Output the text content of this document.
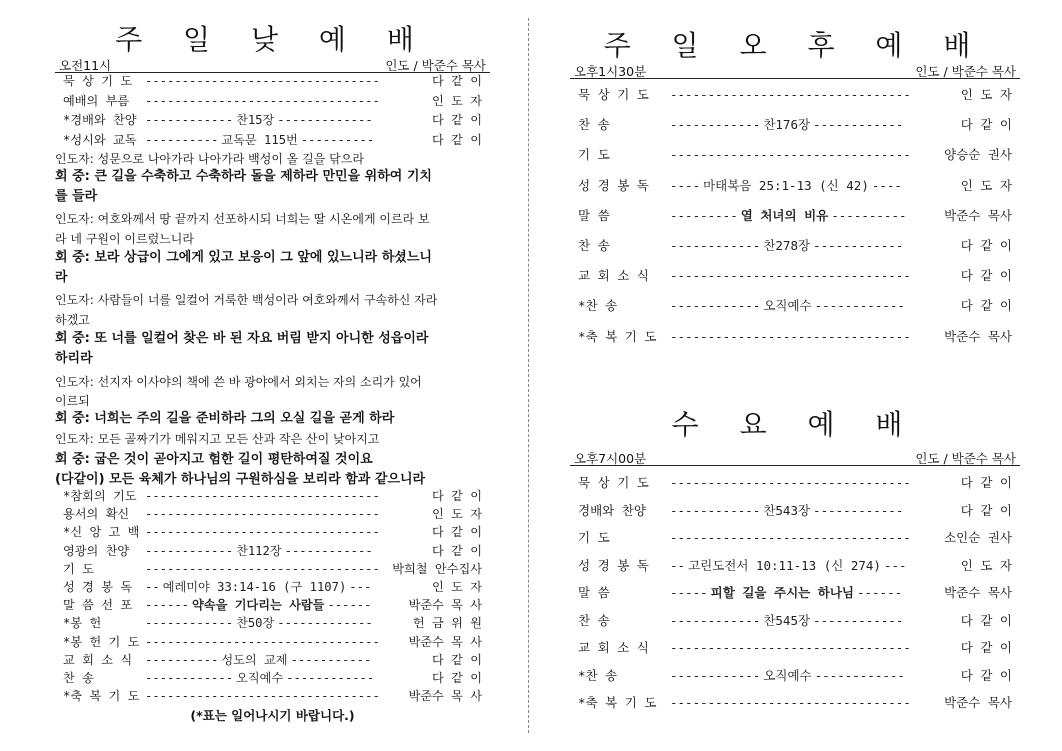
주 일 낮 예 배
오전11시	인도 / 박준수 목사
묵 상 기 도 --------------------------------	다 같 이
예배의 부름 --------------------------------	인 도 자
*경배와 찬양 ------------ 찬15장 -------------	다 같 이
*성시와 교독 ---------- 교독문 115번 ----------	다 같 이
인도자: 성문으로 나아가라 나아가라 백성이 올 길을 닦으라
회 중: 큰 길을 수축하고 수축하라 돌을 제하라 만민을 위하여 기치
를 들라
인도자: 여호와께서 땅 끝까지 선포하시되 너희는 딸 시온에게 이르라 보
라 네 구원이 이르렀느니라
회 중: 보라 상급이 그에게 있고 보응이 그 앞에 있느니라 하셨느니
라
인도자: 사람들이 너를 일컬어 거룩한 백성이라 여호와께서 구속하신 자라
하겠고
회 중: 또 너를 일컬어 찾은 바 된 자요 버림 받지 아니한 성읍이라
하리라
인도자: 선지자 이사야의 책에 쓴 바 광야에서 외치는 자의 소리가 있어
이르되
회 중: 너희는 주의 길을 준비하라 그의 오실 길을 곧게 하라
인도자: 모든 골짜기가 메워지고 모든 산과 작은 산이 낮아지고
회 중: 굽은 것이 곧아지고 험한 길이 평탄하여질 것이요
(다같이) 모든 육체가 하나님의 구원하심을 보리라 함과 같으니라
*참회의 기도 --------------------------------	다 같 이
용서의 확신 --------------------------------	인 도 자
*신 앙 고 백 --------------------------------	다 같 이
영광의 찬양 ------------ 찬112장 ------------	다 같 이
기 도	--------------------------------	박희철 안수집사
성 경 봉 독 -- 예레미야 33:14-16 (구 1107) ---	인 도 자
말 씀 선 포 ------ 약속을 기다리는 사람들 ------	박준수 목 사
*봉 헌	------------ 찬50장 -------------	헌 금 위 원
*봉 헌 기 도 --------------------------------	박준수 목 사
교 회 소 식 ---------- 성도의 교제 -----------	다 같 이
찬 송	------------ 오직예수 ------------	다 같 이
*축 복 기 도 --------------------------------	박준수 목 사
(*표는 일어나시기 바랍니다.)
주 일 오 후 예 배
오후1시30분	인도 / 박준수 목사
묵 상 기 도 --------------------------------	인 도 자
찬 송	------------ 찬176장 ------------	다 같 이
기 도	--------------------------------	양승순 권사
성 경 봉 독 ---- 마태복음 25:1-13 (신 42) ----	인 도 자
말 씀	--------- 열 처녀의 비유 ----------	박준수 목사
찬 송	------------ 찬278장 ------------	다 같 이
교 회 소 식 --------------------------------	다 같 이
*찬 송	------------ 오직예수 ------------	다 같 이
*축 복 기 도 --------------------------------	박준수 목사
수 요 예 배
오후7시00분	인도 / 박준수 목사
묵 상 기 도 --------------------------------	다 같 이
경배와 찬양 ------------ 찬543장 ------------	다 같 이
기 도	--------------------------------	소인순 권사
성 경 봉 독 -- 고린도전서 10:11-13 (신 274) ---	인 도 자
말 씀	----- 피할 길을 주시는 하나님 ------	박준수 목사
찬 송	------------ 찬545장 ------------	다 같 이
교 회 소 식 --------------------------------	다 같 이
*찬 송	------------ 오직예수 ------------	다 같 이
*축 복 기 도 --------------------------------	박준수 목사
